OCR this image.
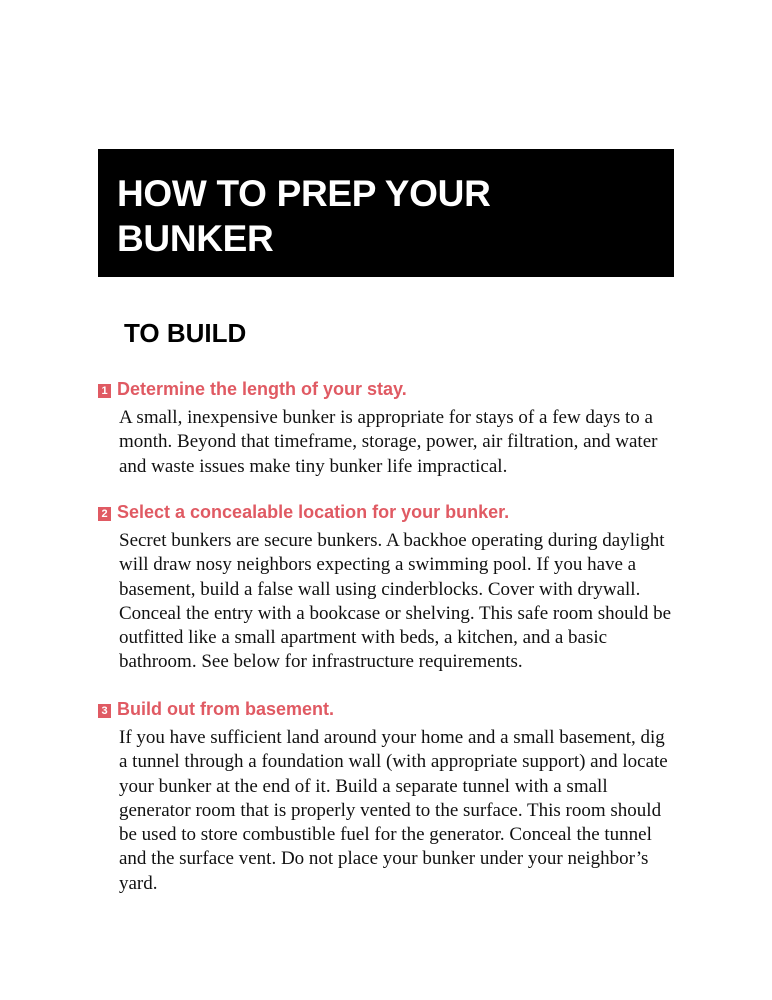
HOW TO PREP YOUR
BUNKER
TO BUILD
1 Determine the length of your stay.
A small, inexpensive bunker is appropriate for stays of a few days to a month. Beyond that timeframe, storage, power, air filtration, and water and waste issues make tiny bunker life impractical.
2 Select a concealable location for your bunker.
Secret bunkers are secure bunkers. A backhoe operating during daylight will draw nosy neighbors expecting a swimming pool. If you have a basement, build a false wall using cinderblocks. Cover with drywall. Conceal the entry with a bookcase or shelving. This safe room should be outfitted like a small apartment with beds, a kitchen, and a basic bathroom. See below for infrastructure requirements.
3 Build out from basement.
If you have sufficient land around your home and a small basement, dig a tunnel through a foundation wall (with appropriate support) and locate your bunker at the end of it. Build a separate tunnel with a small generator room that is properly vented to the surface. This room should be used to store combustible fuel for the generator. Conceal the tunnel and the surface vent. Do not place your bunker under your neighbor’s yard.
